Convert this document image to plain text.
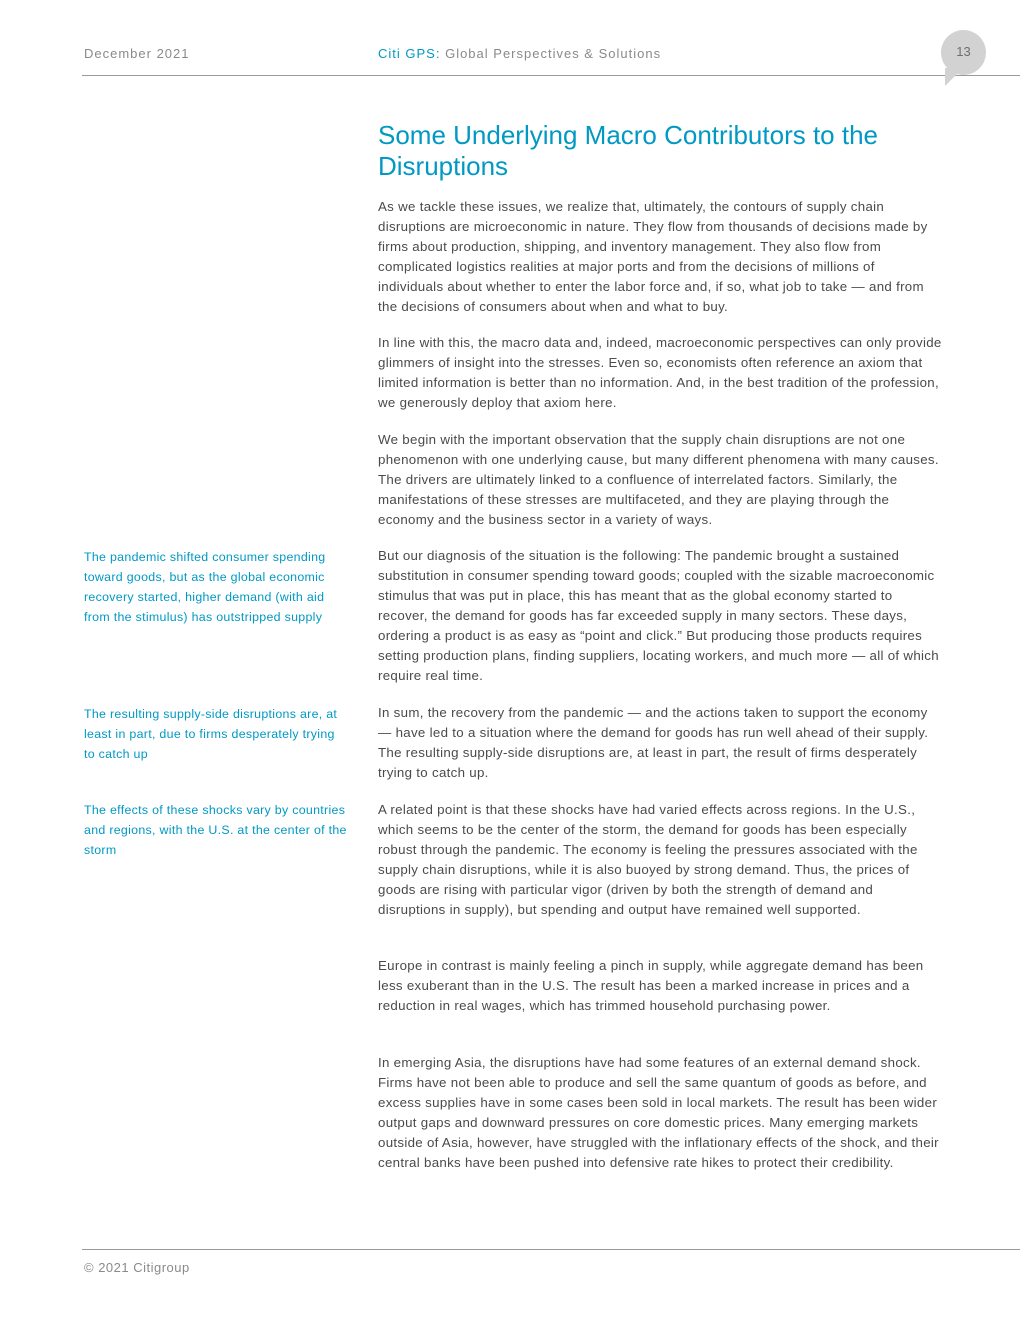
December 2021	Citi GPS: Global Perspectives & Solutions	13
Some Underlying Macro Contributors to the Disruptions

As we tackle these issues, we realize that, ultimately, the contours of supply chain disruptions are microeconomic in nature. They flow from thousands of decisions made by firms about production, shipping, and inventory management. They also flow from complicated logistics realities at major ports and from the decisions of millions of individuals about whether to enter the labor force and, if so, what job to take — and from the decisions of consumers about when and what to buy.

In line with this, the macro data and, indeed, macroeconomic perspectives can only provide glimmers of insight into the stresses. Even so, economists often reference an axiom that limited information is better than no information. And, in the best tradition of the profession, we generously deploy that axiom here.

We begin with the important observation that the supply chain disruptions are not one phenomenon with one underlying cause, but many different phenomena with many causes. The drivers are ultimately linked to a confluence of interrelated factors. Similarly, the manifestations of these stresses are multifaceted, and they are playing through the economy and the business sector in a variety of ways.

But our diagnosis of the situation is the following: The pandemic brought a sustained substitution in consumer spending toward goods; coupled with the sizable macroeconomic stimulus that was put in place, this has meant that as the global economy started to recover, the demand for goods has far exceeded supply in many sectors. These days, ordering a product is as easy as “point and click.” But producing those products requires setting production plans, finding suppliers, locating workers, and much more — all of which require real time.

In sum, the recovery from the pandemic — and the actions taken to support the economy — have led to a situation where the demand for goods has run well ahead of their supply. The resulting supply-side disruptions are, at least in part, the result of firms desperately trying to catch up.

A related point is that these shocks have had varied effects across regions. In the U.S., which seems to be the center of the storm, the demand for goods has been especially robust through the pandemic. The economy is feeling the pressures associated with the supply chain disruptions, while it is also buoyed by strong demand. Thus, the prices of goods are rising with particular vigor (driven by both the strength of demand and disruptions in supply), but spending and output have remained well supported.

Europe in contrast is mainly feeling a pinch in supply, while aggregate demand has been less exuberant than in the U.S. The result has been a marked increase in prices and a reduction in real wages, which has trimmed household purchasing power.

In emerging Asia, the disruptions have had some features of an external demand shock. Firms have not been able to produce and sell the same quantum of goods as before, and excess supplies have in some cases been sold in local markets. The result has been wider output gaps and downward pressures on core domestic prices. Many emerging markets outside of Asia, however, have struggled with the inflationary effects of the shock, and their central banks have been pushed into defensive rate hikes to protect their credibility.

The pandemic shifted consumer spending toward goods, but as the global economic recovery started, higher demand (with aid from the stimulus) has outstripped supply

The resulting supply-side disruptions are, at least in part, due to firms desperately trying to catch up

The effects of these shocks vary by countries and regions, with the U.S. at the center of the storm

© 2021 Citigroup
